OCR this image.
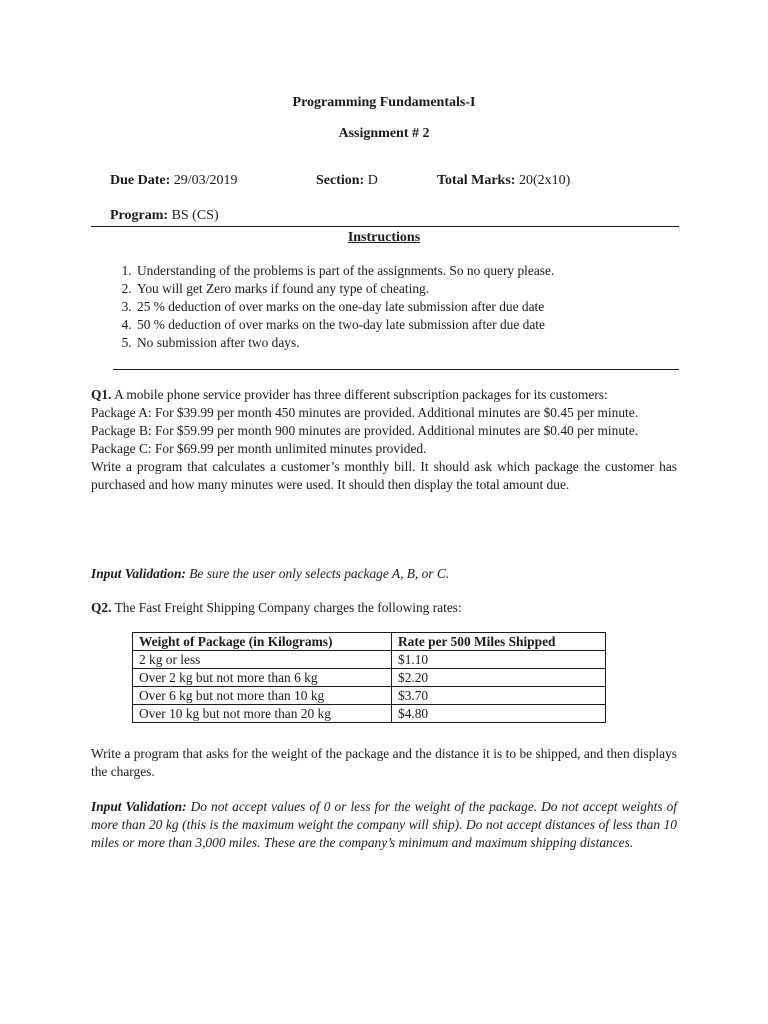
Programming Fundamentals-I
Assignment # 2
Due Date: 29/03/2019	Section: D	Total Marks: 20(2x10)
Program: BS (CS)
Instructions
1. Understanding of the problems is part of the assignments. So no query please.
2. You will get Zero marks if found any type of cheating.
3. 25 % deduction of over marks on the one-day late submission after due date
4. 50 % deduction of over marks on the two-day late submission after due date
5. No submission after two days.

Q1. A mobile phone service provider has three different subscription packages for its customers:

Package A: For $39.99 per month 450 minutes are provided. Additional minutes are $0.45 per minute.

Package B: For $59.99 per month 900 minutes are provided. Additional minutes are $0.40 per minute.

Package C: For $69.99 per month unlimited minutes provided.

Write a program that calculates a customer’s monthly bill. It should ask which package the customer has purchased and how many minutes were used. It should then display the total amount due.

Input Validation: Be sure the user only selects package A, B, or C.
Q2. The Fast Freight Shipping Company charges the following rates:
Weight of Package (in Kilograms)	Rate per 500 Miles Shipped
2 kg or less	$1.10
Over 2 kg but not more than 6 kg	$2.20
Over 6 kg but not more than 10 kg	$3.70
Over 10 kg but not more than 20 kg	$4.80
Write a program that asks for the weight of the package and the distance it is to be shipped, and then displays the charges.
Input Validation: Do not accept values of 0 or less for the weight of the package. Do not accept weights of more than 20 kg (this is the maximum weight the company will ship). Do not accept distances of less than 10 miles or more than 3,000 miles. These are the company’s minimum and maximum shipping distances.
